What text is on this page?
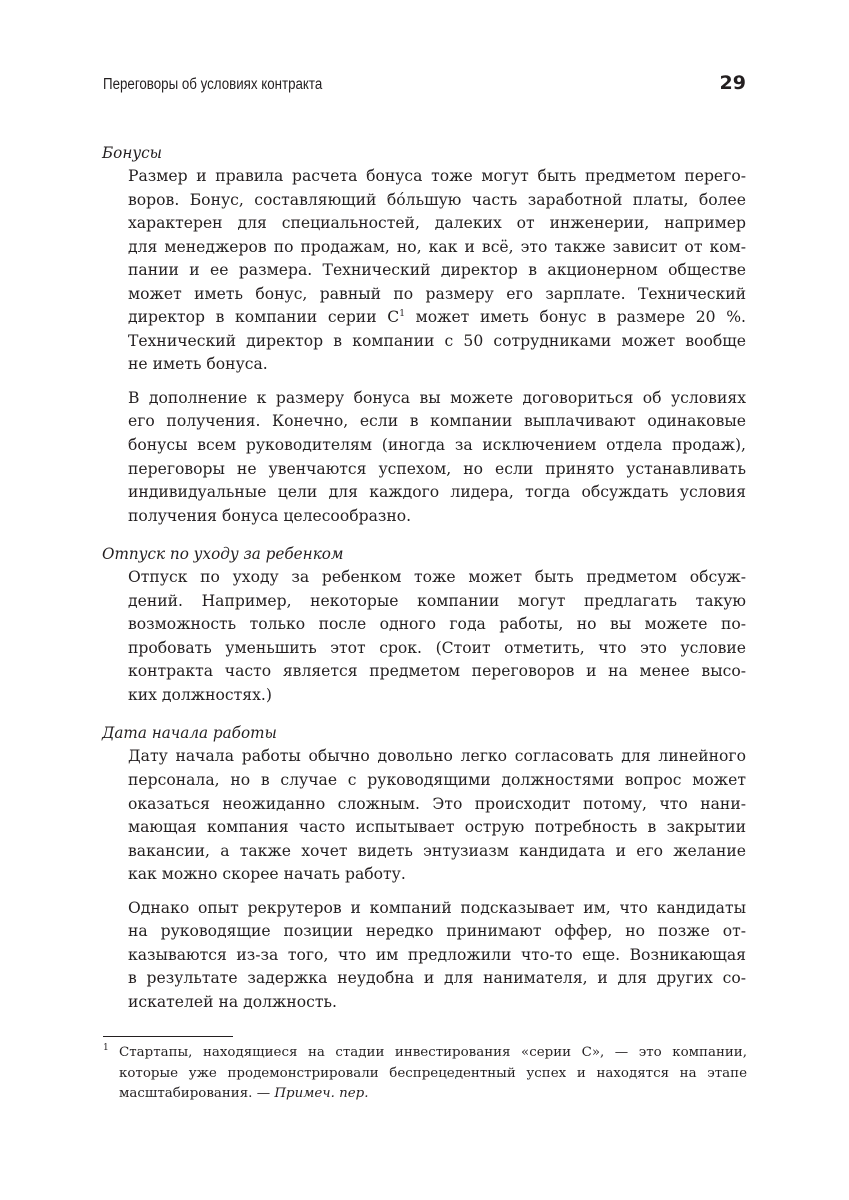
Переговоры об условиях контракта	29
Бонусы
Размер и правила расчета бонуса тоже могут быть предметом перего-
воров. Бонус, составляющий бо́льшую часть заработной платы, более
характерен для специальностей, далеких от инженерии, например
для менеджеров по продажам, но, как и всё, это также зависит от ком-
пании и ее размера. Технический директор в акционерном обществе
может иметь бонус, равный по размеру его зарплате. Технический
директор в компании серии $C^1$ может иметь бонус в размере 20 %.
Технический директор в компании с 50 сотрудниками может вообще
не иметь бонуса.
В дополнение к размеру бонуса вы можете договориться об условиях
его получения. Конечно, если в компании выплачивают одинаковые
бонусы всем руководителям (иногда за исключением отдела продаж),
переговоры не увенчаются успехом, но если принято устанавливать
индивидуальные цели для каждого лидера, тогда обсуждать условия
получения бонуса целесообразно.
Отпуск по уходу за ребенком
Отпуск по уходу за ребенком тоже может быть предметом обсуж-
дений. Например, некоторые компании могут предлагать такую
возможность только после одного года работы, но вы можете по-
пробовать уменьшить этот срок. (Стоит отметить, что это условие
контракта часто является предметом переговоров и на менее высо-
ких должностях.)
Дата начала работы
Дату начала работы обычно довольно легко согласовать для линейного
персонала, но в случае с руководящими должностями вопрос может
оказаться неожиданно сложным. Это происходит потому, что нани-
мающая компания часто испытывает острую потребность в закрытии
вакансии, а также хочет видеть энтузиазм кандидата и его желание
как можно скорее начать работу.
Однако опыт рекрутеров и компаний подсказывает им, что кандидаты
на руководящие позиции нередко принимают оффер, но позже от-
казываются из-за того, что им предложили что-то еще. Возникающая
в результате задержка неудобна и для нанимателя, и для других со-
искателей на должность.
1 Стартапы, находящиеся на стадии инвестирования «серии C», — это компании,
которые уже продемонстрировали беспрецедентный успех и находятся на этапе
масштабирования. — Примеч. пер.
